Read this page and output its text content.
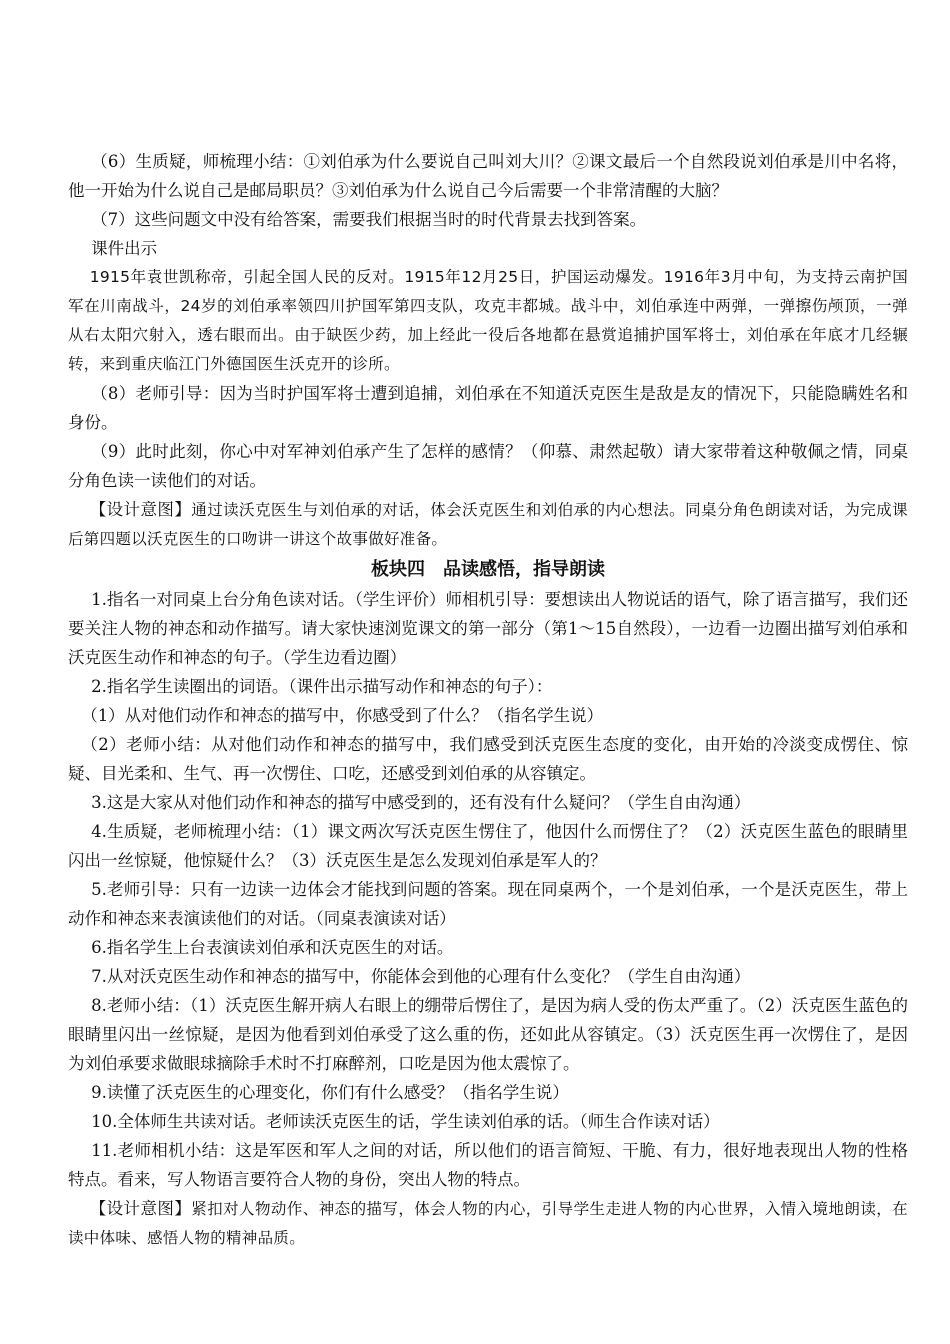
（6）生质疑，师梳理小结：①刘伯承为什么要说自己叫刘大川？②课文最后一个自然段说刘伯承是川中名将，他一开始为什么说自己是邮局职员？③刘伯承为什么说自己今后需要一个非常清醒的大脑？

（7）这些问题文中没有给答案，需要我们根据当时的时代背景去找到答案。

课件出示

1915年袁世凯称帝，引起全国人民的反对。1915年12月25日，护国运动爆发。1916年3月中旬，为支持云南护国军在川南战斗，24岁的刘伯承率领四川护国军第四支队，攻克丰都城。战斗中，刘伯承连中两弹，一弹擦伤颅顶，一弹从右太阳穴射入，透右眼而出。由于缺医少药，加上经此一役后各地都在悬赏追捕护国军将士，刘伯承在年底才几经辗转，来到重庆临江门外德国医生沃克开的诊所。

（8）老师引导：因为当时护国军将士遭到追捕，刘伯承在不知道沃克医生是敌是友的情况下，只能隐瞒姓名和身份。

（9）此时此刻，你心中对军神刘伯承产生了怎样的感情？（仰慕、肃然起敬）请大家带着这种敬佩之情，同桌分角色读一读他们的对话。

【设计意图】通过读沃克医生与刘伯承的对话，体会沃克医生和刘伯承的内心想法。同桌分角色朗读对话，为完成课后第四题以沃克医生的口吻讲一讲这个故事做好准备。

板块四　品读感悟，指导朗读

1.指名一对同桌上台分角色读对话。（学生评价）师相机引导：要想读出人物说话的语气，除了语言描写，我们还要关注人物的神态和动作描写。请大家快速浏览课文的第一部分（第1～15自然段），一边看一边圈出描写刘伯承和沃克医生动作和神态的句子。（学生边看边圈）

2.指名学生读圈出的词语。（课件出示描写动作和神态的句子）：

（1）从对他们动作和神态的描写中，你感受到了什么？（指名学生说）

（2）老师小结：从对他们动作和神态的描写中，我们感受到沃克医生态度的变化，由开始的冷淡变成愣住、惊疑、目光柔和、生气、再一次愣住、口吃，还感受到刘伯承的从容镇定。

3.这是大家从对他们动作和神态的描写中感受到的，还有没有什么疑问？（学生自由沟通）

4.生质疑，老师梳理小结：（1）课文两次写沃克医生愣住了，他因什么而愣住了？（2）沃克医生蓝色的眼睛里闪出一丝惊疑，他惊疑什么？（3）沃克医生是怎么发现刘伯承是军人的？

5.老师引导：只有一边读一边体会才能找到问题的答案。现在同桌两个，一个是刘伯承，一个是沃克医生，带上动作和神态来表演读他们的对话。（同桌表演读对话）

6.指名学生上台表演读刘伯承和沃克医生的对话。

7.从对沃克医生动作和神态的描写中，你能体会到他的心理有什么变化？（学生自由沟通）

8.老师小结：（1）沃克医生解开病人右眼上的绷带后愣住了，是因为病人受的伤太严重了。（2）沃克医生蓝色的眼睛里闪出一丝惊疑，是因为他看到刘伯承受了这么重的伤，还如此从容镇定。（3）沃克医生再一次愣住了，是因为刘伯承要求做眼球摘除手术时不打麻醉剂，口吃是因为他太震惊了。

9.读懂了沃克医生的心理变化，你们有什么感受？（指名学生说）

10.全体师生共读对话。老师读沃克医生的话，学生读刘伯承的话。（师生合作读对话）

11.老师相机小结：这是军医和军人之间的对话，所以他们的语言简短、干脆、有力，很好地表现出人物的性格特点。看来，写人物语言要符合人物的身份，突出人物的特点。

【设计意图】紧扣对人物动作、神态的描写，体会人物的内心，引导学生走进人物的内心世界，入情入境地朗读，在读中体味、感悟人物的精神品质。
